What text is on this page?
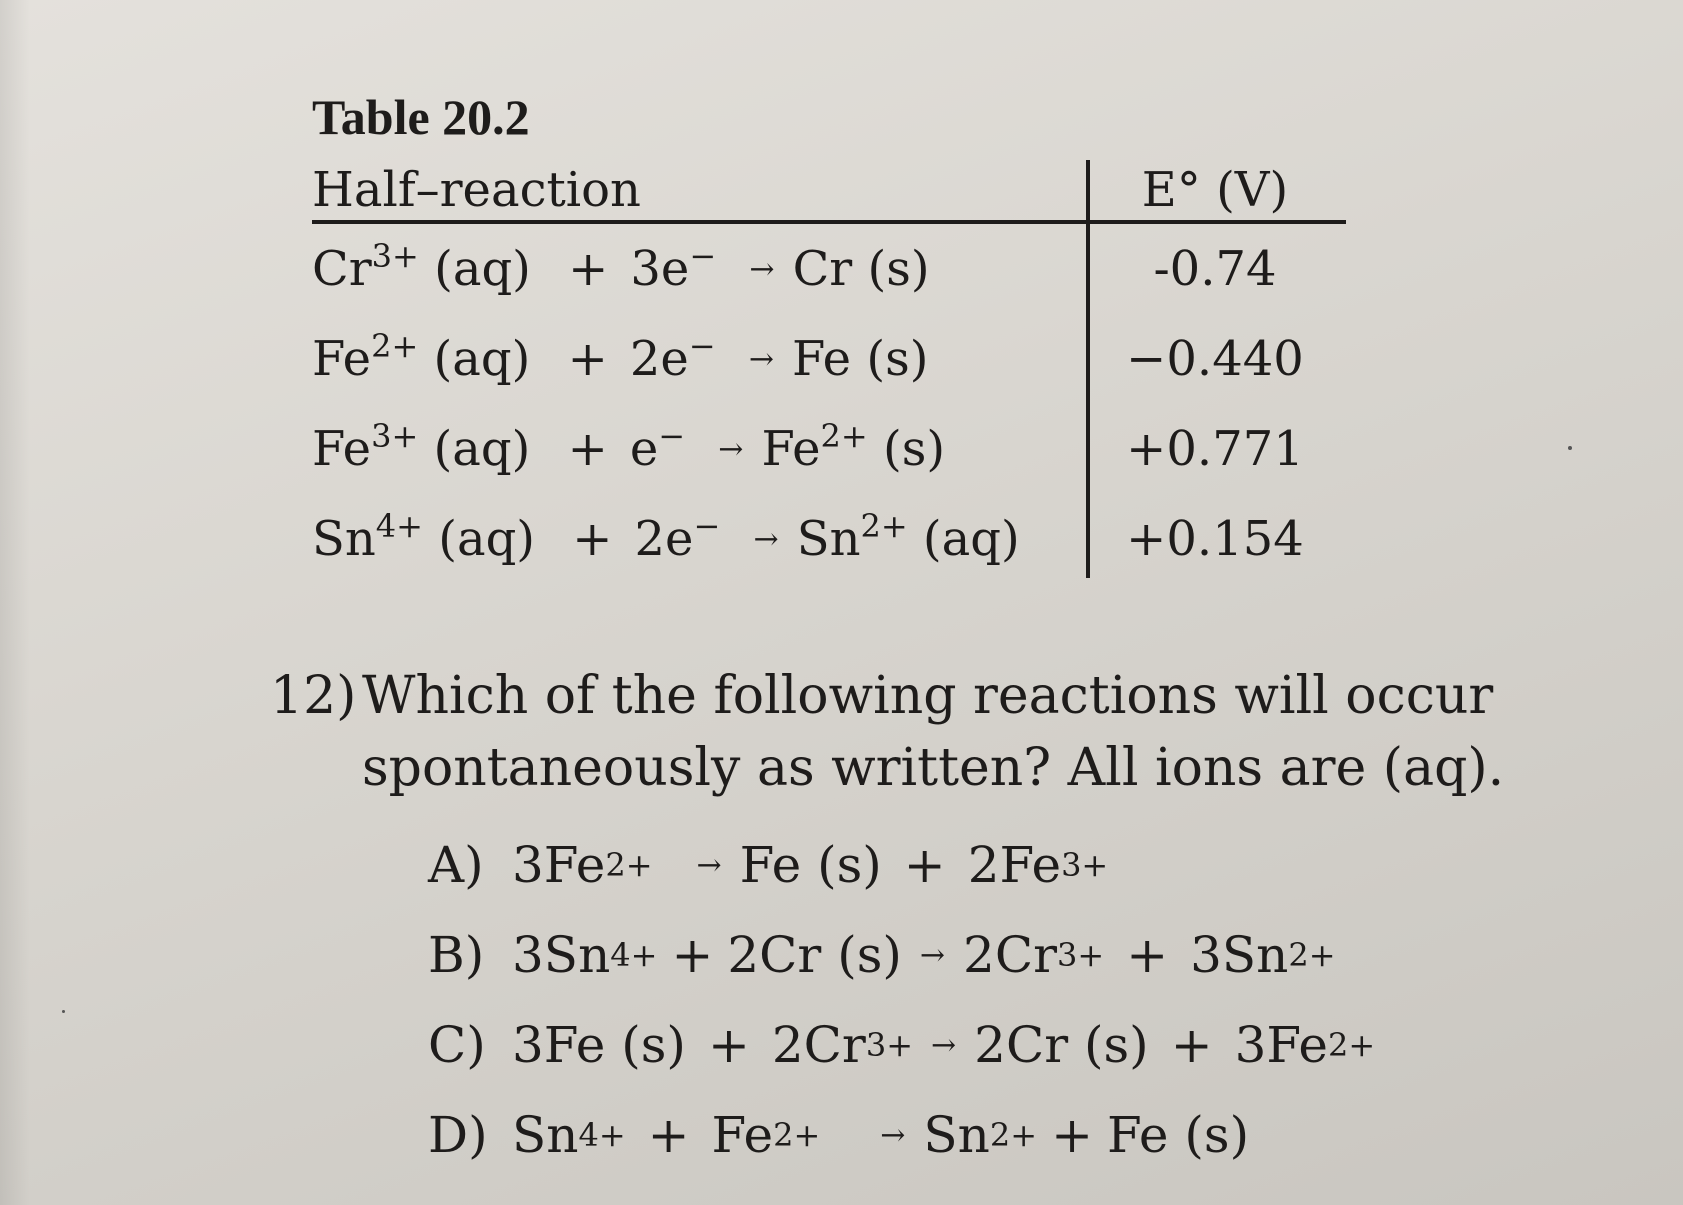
Table 20.2
Half–reaction	E° (V)
$Cr^{3+}$ (aq) + 3e− → Cr (s)	-0.74
$Fe^{2+}$ (aq) + 2e− → Fe (s)	−0.440
$Fe^{3+}$ $(aq) + e^- \to Fe^{2+}$ (s)	+0.771
$Sn^{4+}$ $(aq) + 2e^- \to Sn^{2+}$ (aq)	+0.154
12) Which of the following reactions will occur
spontaneously as written? All ions are (aq).
A) 3Fe 2+ → Fe (s) + 2Fe 3+
B) 3Sn 4+ + 2Cr (s) → 2Cr 3+ + 3Sn 2+
C) 3Fe (s) + 2Cr 3+ → 2Cr (s) + 3Fe 2+
D) Sn 4+ + Fe 2+ → Sn 2+ + Fe (s)
